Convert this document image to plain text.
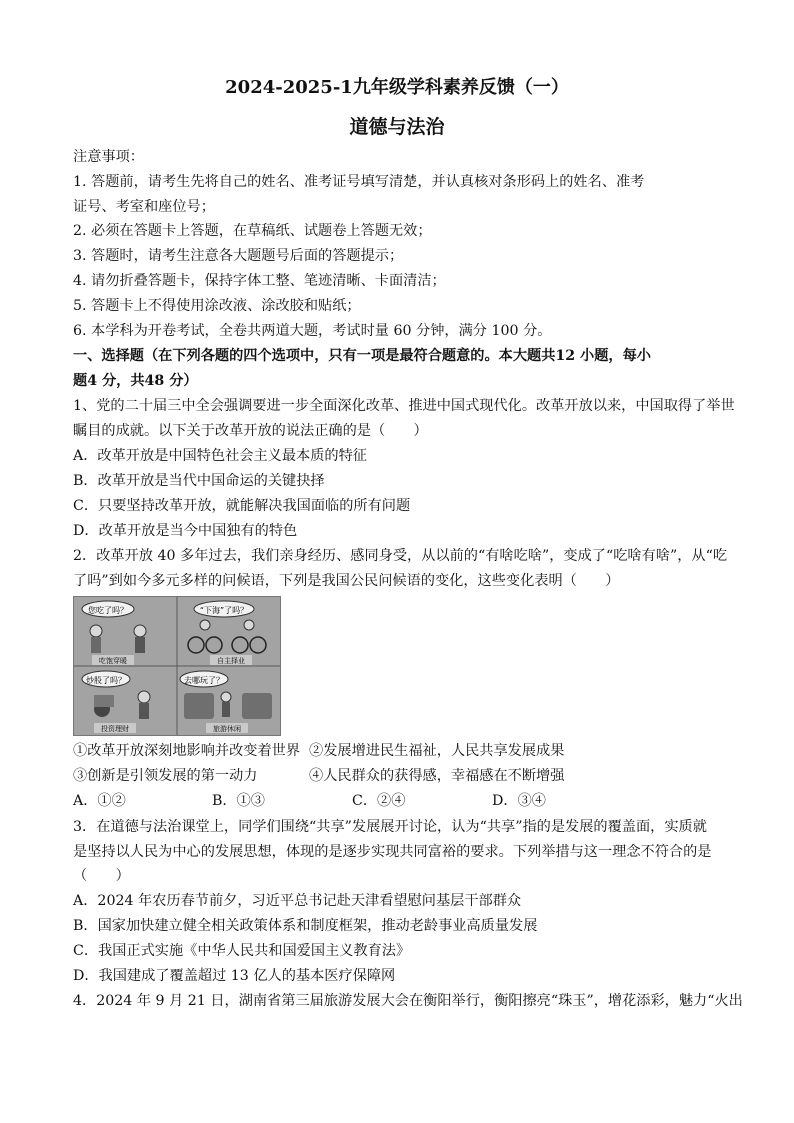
2024-2025-1九年级学科素养反馈（一）
道德与法治
注意事项：
1. 答题前，请考生先将自己的姓名、准考证号填写清楚，并认真核对条形码上的姓名、准考
证号、考室和座位号；
2. 必须在答题卡上答题，在草稿纸、试题卷上答题无效；
3. 答题时，请考生注意各大题题号后面的答题提示；
4. 请勿折叠答题卡，保持字体工整、笔迹清晰、卡面清洁；
5. 答题卡上不得使用涂改液、涂改胶和贴纸；
6. 本学科为开卷考试，全卷共两道大题，考试时量 60 分钟，满分 100 分。
一、选择题（在下列各题的四个选项中，只有一项是最符合题意的。本大题共12 小题，每小
题4 分，共48 分）
1、党的二十届三中全会强调要进一步全面深化改革、推进中国式现代化。改革开放以来，中国取得了举世
瞩目的成就。以下关于改革开放的说法正确的是（　　）
A．改革开放是中国特色社会主义最本质的特征
B．改革开放是当代中国命运的关键抉择
C．只要坚持改革开放，就能解决我国面临的所有问题
D．改革开放是当今中国独有的特色
2．改革开放 40 多年过去，我们亲身经历、感同身受，从以前的“有啥吃啥”，变成了“吃啥有啥”，从“吃
了吗”到如今多元多样的问候语，下列是我国公民问候语的变化，这些变化表明（　　）
您吃了吗？
吃饱穿暖
“下海”了吗？
自主择业
炒股了吗？
投资理财
去哪玩了？
旅游休闲
①改革开放深刻地影响并改变着世界 ②发展增进民生福祉，人民共享发展成果
③创新是引领发展的第一动力	④人民群众的获得感，幸福感在不断增强
A．①②	B．①③	C．②④	D．③④
3．在道德与法治课堂上，同学们围绕“共享”发展展开讨论，认为“共享”指的是发展的覆盖面，实质就
是坚持以人民为中心的发展思想，体现的是逐步实现共同富裕的要求。下列举措与这一理念不符合的是
（　　）
A．2024 年农历春节前夕，习近平总书记赴天津看望慰问基层干部群众
B．国家加快建立健全相关政策体系和制度框架，推动老龄事业高质量发展
C．我国正式实施《中华人民共和国爱国主义教育法》
D．我国建成了覆盖超过 13 亿人的基本医疗保障网
4．2024 年 9 月 21 日，湖南省第三届旅游发展大会在衡阳举行，衡阳擦亮“珠玉”，增花添彩，魅力“火出
